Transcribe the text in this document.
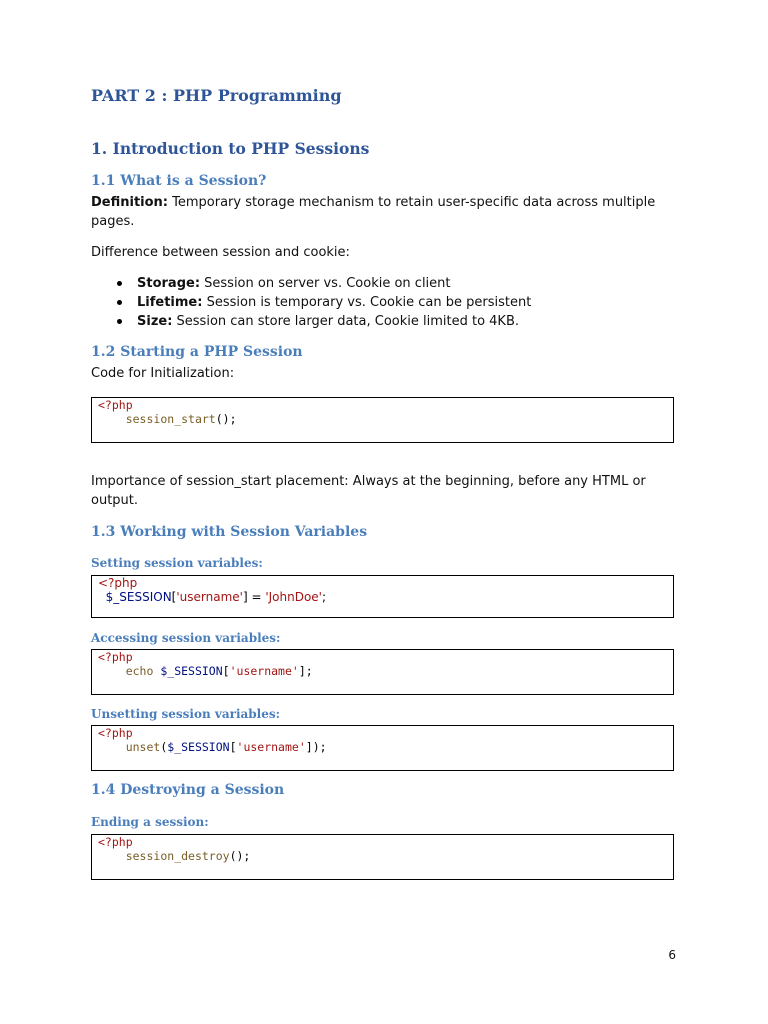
PART 2 : PHP Programming
1. Introduction to PHP Sessions
1.1 What is a Session?

Definition: Temporary storage mechanism to retain user-specific data across multiple pages.

Difference between session and cookie:

Storage: Session on server vs. Cookie on client
Lifetime: Session is temporary vs. Cookie can be persistent
Size: Session can store larger data, Cookie limited to 4KB.
1.2 Starting a PHP Session

Code for Initialization:

<?php
session_start();

Importance of session_start placement: Always at the beginning, before any HTML or output.

1.3 Working with Session Variables
Setting session variables:
<?php
$_SESSION['username'] = 'JohnDoe';
Accessing session variables:
<?php
echo $_SESSION['username'];
Unsetting session variables:
<?php
unset($_SESSION['username']);
1.4 Destroying a Session
Ending a session:
<?php
session_destroy();
6
